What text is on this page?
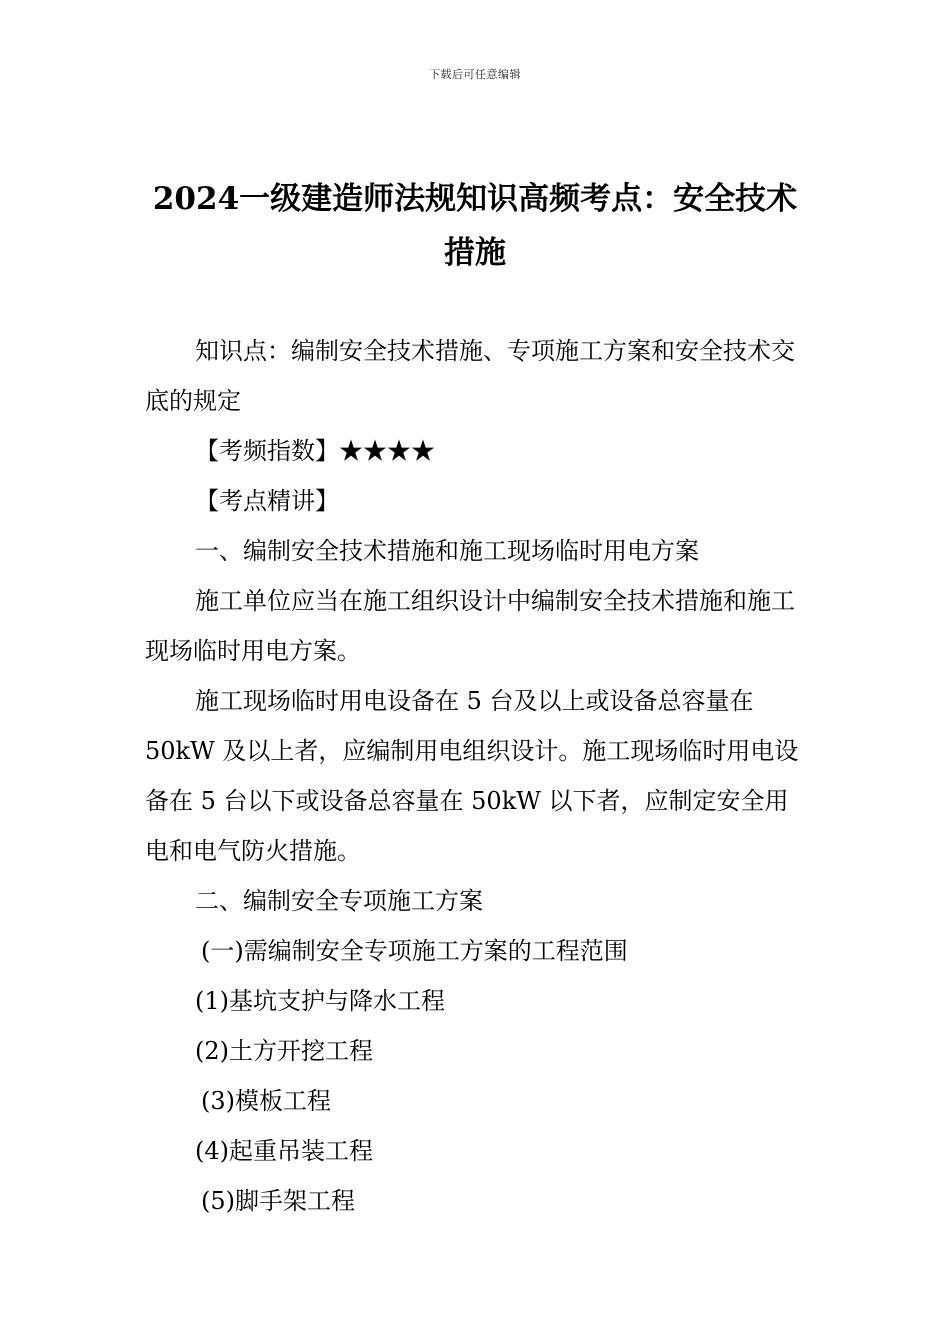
下载后可任意编辑
2024一级建造师法规知识高频考点：安全技术措施

知识点：编制安全技术措施、专项施工方案和安全技术交底的规定

【考频指数】★★★★

【考点精讲】

一、编制安全技术措施和施工现场临时用电方案

施工单位应当在施工组织设计中编制安全技术措施和施工现场临时用电方案。

施工现场临时用电设备在 5 台及以上或设备总容量在 50kW 及以上者，应编制用电组织设计。施工现场临时用电设备在 5 台以下或设备总容量在 50kW 以下者，应制定安全用电和电气防火措施。

二、编制安全专项施工方案

(一)需编制安全专项施工方案的工程范围

(1)基坑支护与降水工程

(2)土方开挖工程

(3)模板工程

(4)起重吊装工程

(5)脚手架工程
